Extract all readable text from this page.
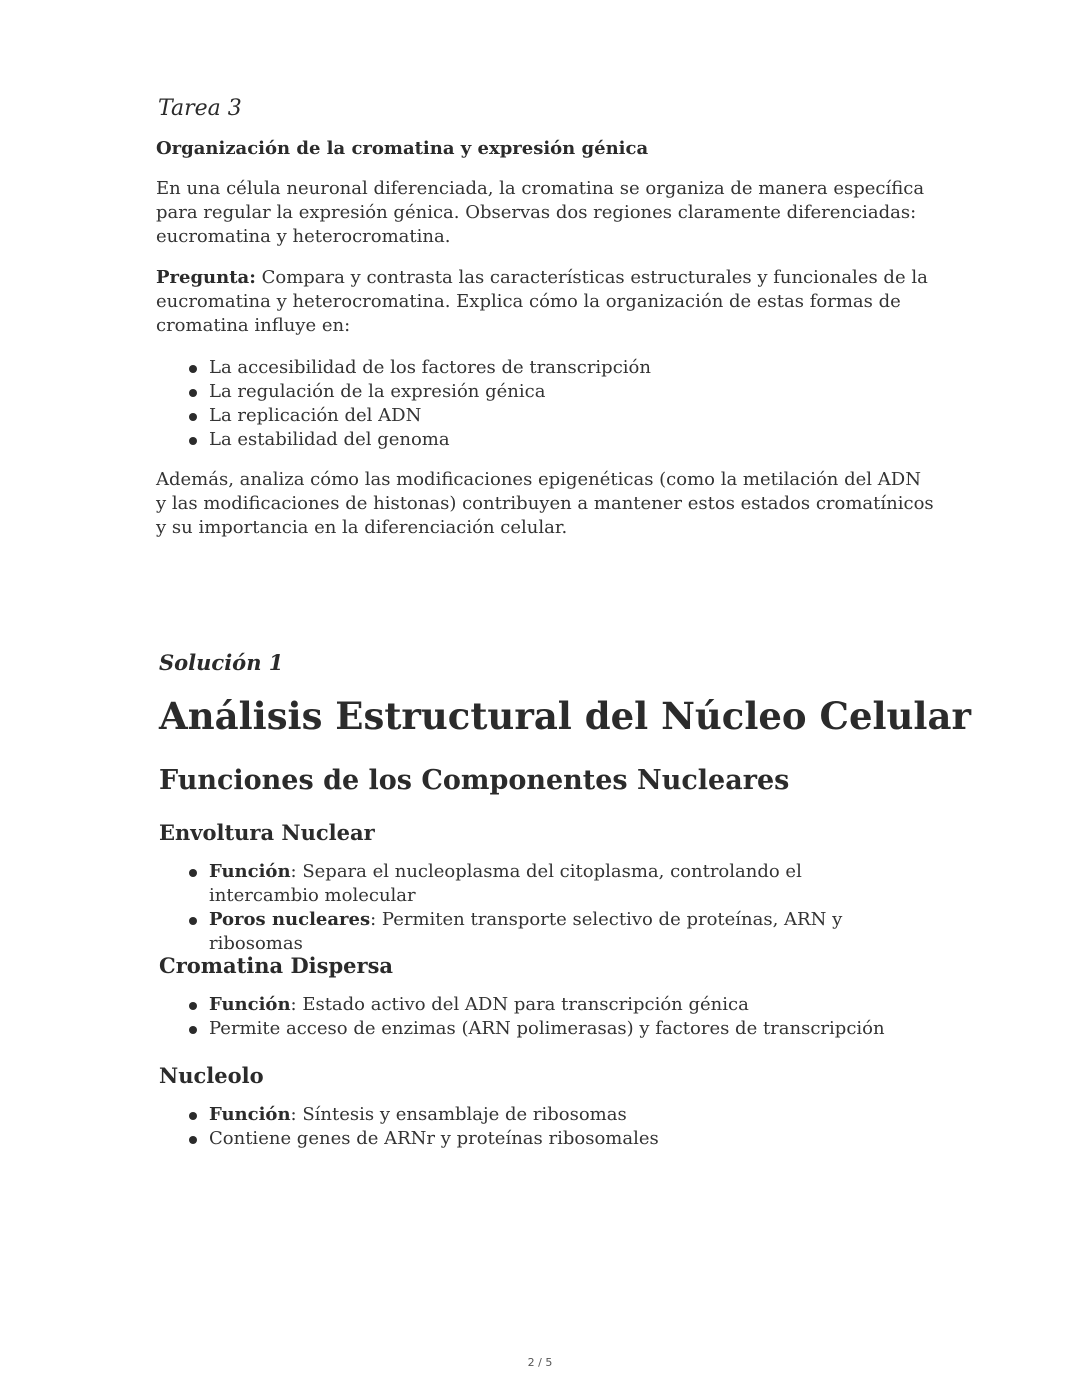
Tarea 3
Organización de la cromatina y expresión génica
En una célula neuronal diferenciada, la cromatina se organiza de manera específica para regular la expresión génica. Observas dos regiones claramente diferenciadas: eucromatina y heterocromatina.
Pregunta: Compara y contrasta las características estructurales y funcionales de la eucromatina y heterocromatina. Explica cómo la organización de estas formas de cromatina influye en:
La accesibilidad de los factores de transcripción
La regulación de la expresión génica
La replicación del ADN
La estabilidad del genoma
Además, analiza cómo las modificaciones epigenéticas (como la metilación del ADN y las modificaciones de histonas) contribuyen a mantener estos estados cromatínicos y su importancia en la diferenciación celular.
Solución 1
Análisis Estructural del Núcleo Celular
Funciones de los Componentes Nucleares
Envoltura Nuclear
Función: Separa el nucleoplasma del citoplasma, controlando el intercambio molecular
Poros nucleares: Permiten transporte selectivo de proteínas, ARN y ribosomas
Cromatina Dispersa
Función: Estado activo del ADN para transcripción génica
Permite acceso de enzimas (ARN polimerasas) y factores de transcripción
Nucleolo
Función: Síntesis y ensamblaje de ribosomas
Contiene genes de ARNr y proteínas ribosomales
2 / 5
